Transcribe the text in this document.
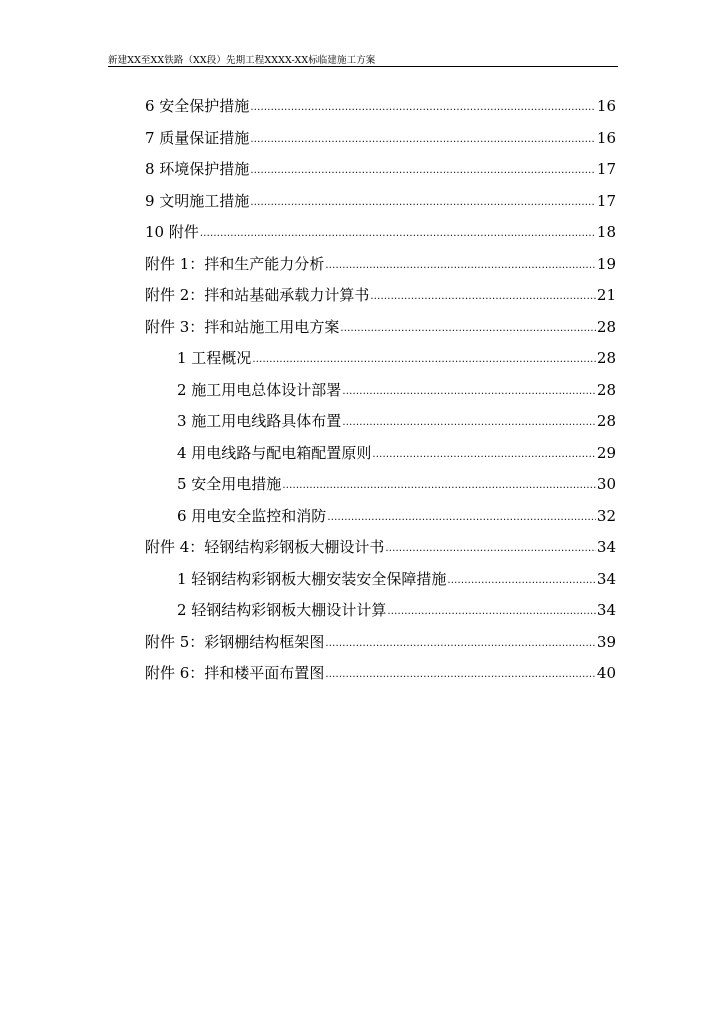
新建XX至XX铁路（XX段）先期工程XXXX-XX标临建施工方案
6 安全保护措施 .....	16
7 质量保证措施 .....	16
8 环境保护措施 .....	17
9 文明施工措施 .....	17
10 附件 .....	18
附件 1：拌和生产能力分析 .....	19
附件 2：拌和站基础承载力计算书 .....	21
附件 3：拌和站施工用电方案 .....	28
1 工程概况 .....	28
2 施工用电总体设计部署 .....	28
3 施工用电线路具体布置 .....	28
4 用电线路与配电箱配置原则 .....	29
5 安全用电措施 .....	30
6 用电安全监控和消防 .....	32
附件 4：轻钢结构彩钢板大棚设计书 .....	34
1 轻钢结构彩钢板大棚安装安全保障措施 .....	34
2 轻钢结构彩钢板大棚设计计算 .....	34
附件 5：彩钢棚结构框架图 .....	39
附件 6：拌和楼平面布置图 .....	40
